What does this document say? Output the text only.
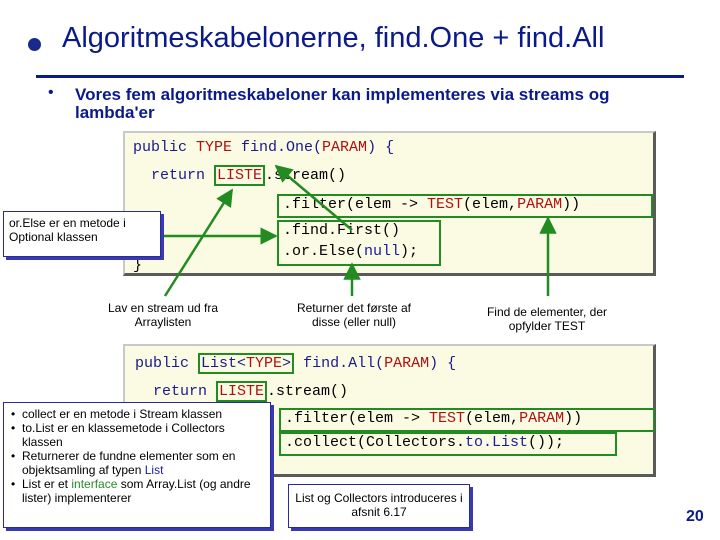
Algoritmeskabelonerne, find.One + find.All
• Vores fem algoritmeskabeloner kan implementeres via streams og lambda'er
public TYPE find.One(PARAM) {
return LISTE .stream()
.filter(elem -> TEST(elem,PARAM))
.find.First()
.or.Else(null);
}
public List<TYPE> find.All(PARAM) {
return LISTE .stream()
.filter(elem -> TEST(elem,PARAM))
.collect(Collectors.to.List());
Lav en stream ud fra Arraylisten
Returner det første af disse (eller null)
Find de elementer, der opfylder TEST
or.Else er en metode i Optional klassen
• collect er en metode i Stream klassen
• to.List er en klassemetode i Collectors klassen
• Returnerer de fundne elementer som en objektsamling af typen List
• List er et interface som Array.List (og andre lister) implementerer	List og Collectors introduceres i afsnit 6.17	20
